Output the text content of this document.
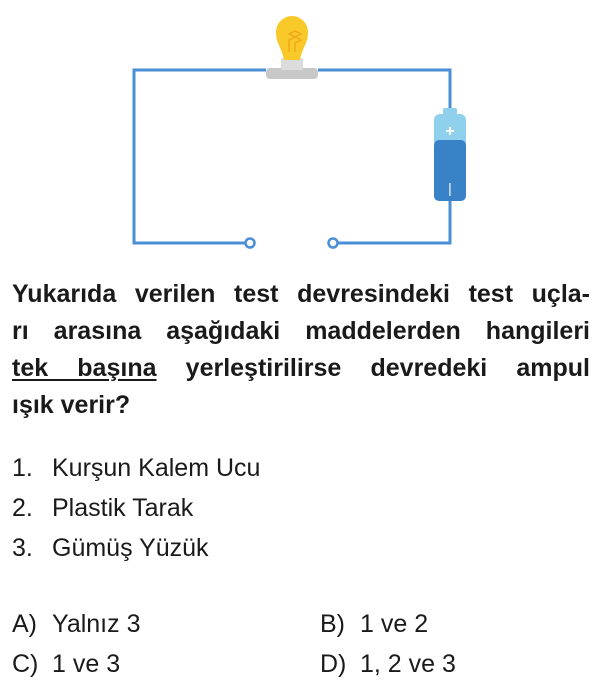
+
|
Yukarıda verilen test devresindeki test uçla-
rı arasına aşağıdaki maddelerden hangileri
tek başına yerleştirilirse devredeki ampul
ışık verir?
1. Kurşun Kalem Ucu
2. Plastik Tarak
3. Gümüş Yüzük
A) Yalnız 3	B) 1 ve 2
C) 1 ve 3	D) 1, 2 ve 3
